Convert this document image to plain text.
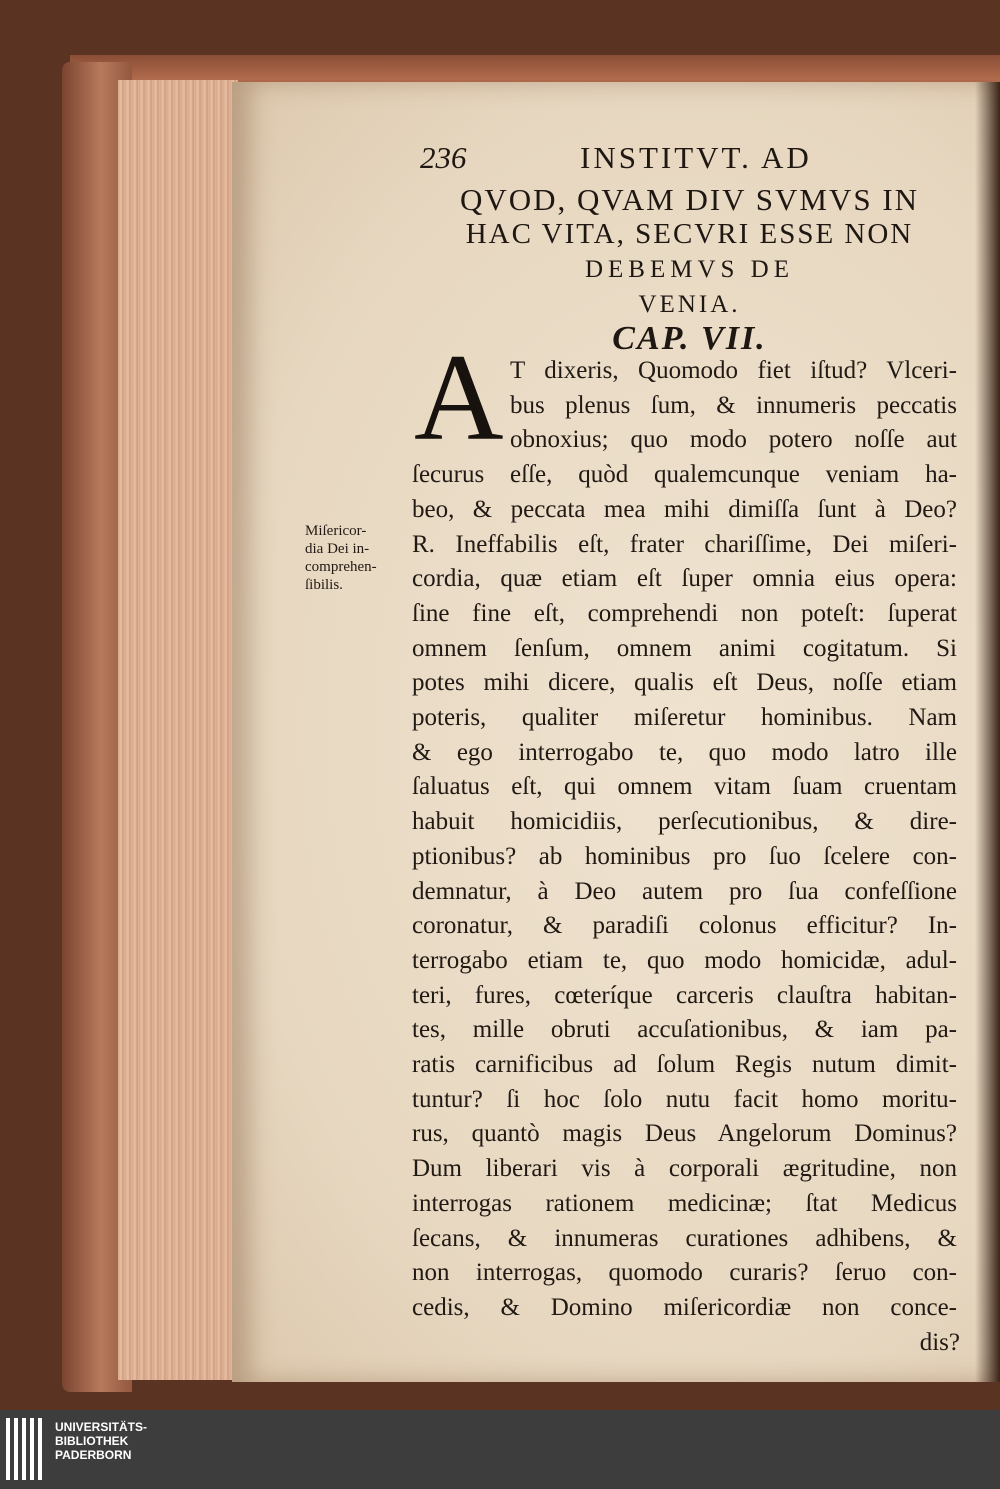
236	INSTITVT. AD
QVOD, QVAM DIV SVMVS IN
HAC VITA, SECVRI ESSE NON
DEBEMVS DE
VENIA.
CAP. VII.
A
Miſericor-
dia Dei in-
comprehen-
ſibilis.
T dixeris, Quomodo fiet iſtud? Vlceri-
bus plenus ſum, & innumeris peccatis
obnoxius; quo modo potero noſſe aut
ſecurus eſſe, quòd qualemcunque veniam ha-
beo, & peccata mea mihi dimiſſa ſunt à Deo?
R. Ineffabilis eſt, frater chariſſime, Dei miſeri-
cordia, quæ etiam eſt ſuper omnia eius opera:
ſine fine eſt, comprehendi non poteſt: ſuperat
omnem ſenſum, omnem animi cogitatum. Si
potes mihi dicere, qualis eſt Deus, noſſe etiam
poteris, qualiter miſeretur hominibus. Nam
& ego interrogabo te, quo modo latro ille
ſaluatus eſt, qui omnem vitam ſuam cruentam
habuit homicidiis, perſecutionibus, & dire-
ptionibus? ab hominibus pro ſuo ſcelere con-
demnatur, à Deo autem pro ſua confeſſione
coronatur, & paradiſi colonus efficitur? In-
terrogabo etiam te, quo modo homicidæ, adul-
teri, fures, cœteríque carceris clauſtra habitan-
tes, mille obruti accuſationibus, & iam pa-
ratis carnificibus ad ſolum Regis nutum dimit-
tuntur? ſi hoc ſolo nutu facit homo moritu-
rus, quantò magis Deus Angelorum Dominus?
Dum liberari vis à corporali ægritudine, non
interrogas rationem medicinæ; ſtat Medicus
ſecans, & innumeras curationes adhibens, &
non interrogas, quomodo curaris? ſeruo con-
cedis, & Domino miſericordiæ non conce-
dis?
UNIVERSITÄTS-
BIBLIOTHEK
PADERBORN
